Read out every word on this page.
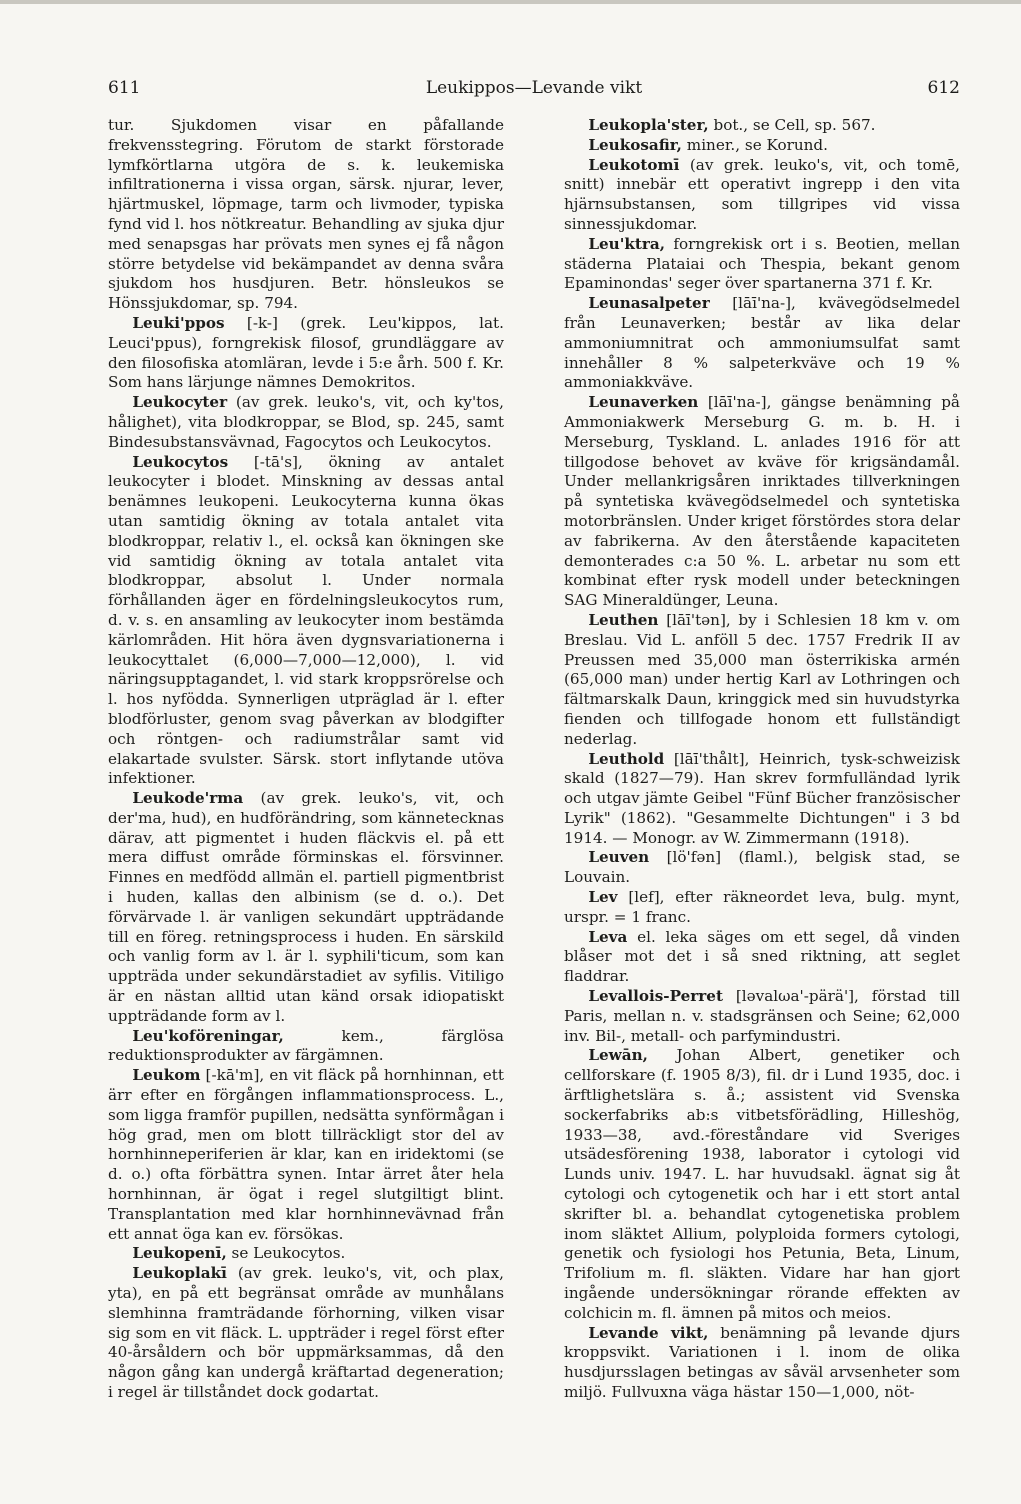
611	Leukippos—Levande vikt	612

tur. Sjukdomen visar en påfallande frekvensstegring. Förutom de starkt förstorade lymfkörtlarna utgöra de s. k. leukemiska infiltrationerna i vissa organ, särsk. njurar, lever, hjärtmuskel, löpmage, tarm och livmoder, typiska fynd vid l. hos nötkreatur. Behandling av sjuka djur med senapsgas har prövats men synes ej få någon större betydelse vid bekämpandet av denna svåra sjukdom hos husdjuren. Betr. hönsleukos se Hönssjukdomar, sp. 794.

Leuki'ppos [-k-] (grek. Leu'kippos, lat. Leuci'ppus), forngrekisk filosof, grundläggare av den filosofiska atomläran, levde i 5:e årh. 500 f. Kr. Som hans lärjunge nämnes Demokritos.

Leukocyter (av grek. leuko's, vit, och ky'tos, hålighet), vita blodkroppar, se Blod, sp. 245, samt Bindesubstansvävnad, Fagocytos och Leukocytos.

Leukocytos [-tā's], ökning av antalet leukocyter i blodet. Minskning av dessas antal benämnes leukopeni. Leukocyterna kunna ökas utan samtidig ökning av totala antalet vita blodkroppar, relativ l., el. också kan ökningen ske vid samtidig ökning av totala antalet vita blodkroppar, absolut l. Under normala förhållanden äger en fördelningsleukocytos rum, d. v. s. en ansamling av leukocyter inom bestämda kärlområden. Hit höra även dygnsvariationerna i leukocyttalet (6,000—7,000—12,000), l. vid näringsupptagandet, l. vid stark kroppsrörelse och l. hos nyfödda. Synnerligen utpräglad är l. efter blodförluster, genom svag påverkan av blodgifter och röntgen- och radiumstrålar samt vid elakartade svulster. Särsk. stort inflytande utöva infektioner.

Leukode'rma (av grek. leuko's, vit, och der'ma, hud), en hudförändring, som kännetecknas därav, att pigmentet i huden fläckvis el. på ett mera diffust område förminskas el. försvinner. Finnes en medfödd allmän el. partiell pigmentbrist i huden, kallas den albinism (se d. o.). Det förvärvade l. är vanligen sekundärt uppträdande till en föreg. retningsprocess i huden. En särskild och vanlig form av l. är l. syphili'ticum, som kan uppträda under sekundärstadiet av syfilis. Vitiligo är en nästan alltid utan känd orsak idiopatiskt uppträdande form av l.

Leu'koföreningar, kem., färglösa reduktionsprodukter av färgämnen.

Leukom [-kā'm], en vit fläck på hornhinnan, ett ärr efter en förgången inflammationsprocess. L., som ligga framför pupillen, nedsätta synförmågan i hög grad, men om blott tillräckligt stor del av hornhinneperiferien är klar, kan en iridektomi (se d. o.) ofta förbättra synen. Intar ärret åter hela hornhinnan, är ögat i regel slutgiltigt blint. Transplantation med klar hornhinnevävnad från ett annat öga kan ev. försökas.

Leukopenī, se Leukocytos.

Leukoplakī (av grek. leuko's, vit, och plax, yta), en på ett begränsat område av munhålans slemhinna framträdande förhorning, vilken visar sig som en vit fläck. L. uppträder i regel först efter 40-årsåldern och bör uppmärksammas, då den någon gång kan undergå kräftartad degeneration; i regel är tillståndet dock godartat.

Leukopla'ster, bot., se Cell, sp. 567.

Leukosafir, miner., se Korund.

Leukotomī (av grek. leuko's, vit, och tomē, snitt) innebär ett operativt ingrepp i den vita hjärnsubstansen, som tillgripes vid vissa sinnessjukdomar.

Leu'ktra, forngrekisk ort i s. Beotien, mellan städerna Plataiai och Thespia, bekant genom Epaminondas' seger över spartanerna 371 f. Kr.

Leunasalpeter [lāī'na-], kvävegödselmedel från Leunaverken; består av lika delar ammoniumnitrat och ammoniumsulfat samt innehåller 8 % salpeterkväve och 19 % ammoniakkväve.

Leunaverken [lāī'na-], gängse benämning på Ammoniakwerk Merseburg G. m. b. H. i Merseburg, Tyskland. L. anlades 1916 för att tillgodose behovet av kväve för krigsändamål. Under mellankrigsåren inriktades tillverkningen på syntetiska kvävegödselmedel och syntetiska motorbränslen. Under kriget förstördes stora delar av fabrikerna. Av den återstående kapaciteten demonterades c:a 50 %. L. arbetar nu som ett kombinat efter rysk modell under beteckningen SAG Mineraldünger, Leuna.

Leuthen [lāī'tən], by i Schlesien 18 km v. om Breslau. Vid L. anföll 5 dec. 1757 Fredrik II av Preussen med 35,000 man österrikiska armén (65,000 man) under hertig Karl av Lothringen och fältmarskalk Daun, kringgick med sin huvudstyrka fienden och tillfogade honom ett fullständigt nederlag.

Leuthold [lāī'thålt], Heinrich, tysk-schweizisk skald (1827—79). Han skrev formfulländad lyrik och utgav jämte Geibel "Fünf Bücher französischer Lyrik" (1862). "Gesammelte Dichtungen" i 3 bd 1914. — Monogr. av W. Zimmermann (1918).

Leuven [lö'fən] (flaml.), belgisk stad, se Louvain.

Lev [lef], efter räkneordet leva, bulg. mynt, urspr. = 1 franc.

Leva el. leka säges om ett segel, då vinden blåser mot det i så sned riktning, att seglet fladdrar.

Levallois-Perret [ləvalωa'-pärä'], förstad till Paris, mellan n. v. stadsgränsen och Seine; 62,000 inv. Bil-, metall- och parfymindustri.

Lewān, Johan Albert, genetiker och cellforskare (f. 1905 8/3), fil. dr i Lund 1935, doc. i ärftlighetslära s. å.; assistent vid Svenska sockerfabriks ab:s vitbetsförädling, Hilleshög, 1933—38, avd.-föreståndare vid Sveriges utsädesförening 1938, laborator i cytologi vid Lunds univ. 1947. L. har huvudsakl. ägnat sig åt cytologi och cytogenetik och har i ett stort antal skrifter bl. a. behandlat cytogenetiska problem inom släktet Allium, polyploida formers cytologi, genetik och fysiologi hos Petunia, Beta, Linum, Trifolium m. fl. släkten. Vidare har han gjort ingående undersökningar rörande effekten av colchicin m. fl. ämnen på mitos och meios.

Levande vikt, benämning på levande djurs kroppsvikt. Variationen i l. inom de olika husdjursslagen betingas av såväl arvsenheter som miljö. Fullvuxna väga hästar 150—1,000, nöt-
